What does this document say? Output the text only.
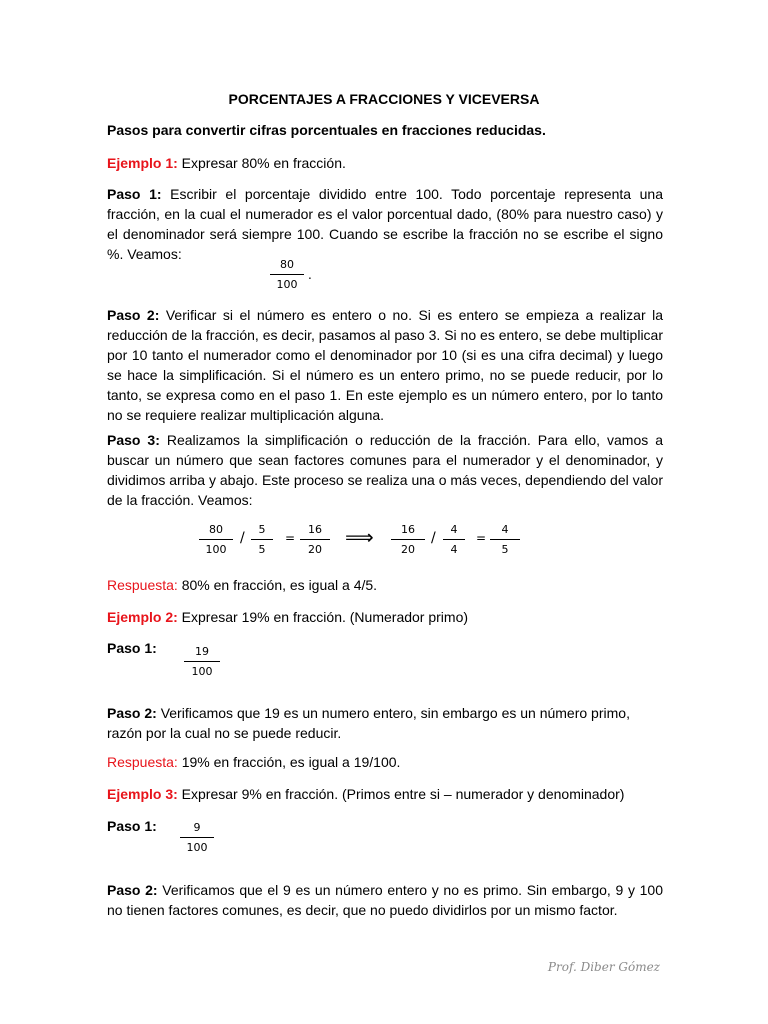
PORCENTAJES A FRACCIONES Y VICEVERSA
Pasos para convertir cifras porcentuales en fracciones reducidas.
Ejemplo 1: Expresar 80% en fracción.
Paso 1: Escribir el porcentaje dividido entre 100. Todo porcentaje representa una fracción, en la cual el numerador es el valor porcentual dado, (80% para nuestro caso) y el denominador será siempre 100. Cuando se escribe la fracción no se escribe el signo %. Veamos:
$\frac{80}{100}$ .
Paso 2: Verificar si el número es entero o no. Si es entero se empieza a realizar la reducción de la fracción, es decir, pasamos al paso 3. Si no es entero, se debe multiplicar por 10 tanto el numerador como el denominador por 10 (si es una cifra decimal) y luego se hace la simplificación. Si el número es un entero primo, no se puede reducir, por lo tanto, se expresa como en el paso 1. En este ejemplo es un número entero, por lo tanto no se requiere realizar multiplicación alguna.
Paso 3: Realizamos la simplificación o reducción de la fracción. Para ello, vamos a buscar un número que sean factores comunes para el numerador y el denominador, y dividimos arriba y abajo. Este proceso se realiza una o más veces, dependiendo del valor de la fracción. Veamos:
$\frac{80}{100} / \frac{5}{5} = \frac{16}{20}$ ⟹ $\frac{16}{20} / \frac{4}{4} = \frac{4}{5}$
Respuesta: 80% en fracción, es igual a 4/5.
Ejemplo 2: Expresar 19% en fracción. (Numerador primo)
Paso 1: $\frac{19}{100}$
Paso 2: Verificamos que 19 es un numero entero, sin embargo es un número primo, razón por la cual no se puede reducir.
Respuesta: 19% en fracción, es igual a 19/100.
Ejemplo 3: Expresar 9% en fracción. (Primos entre si – numerador y denominador)
Paso 1: $\frac{9}{100}$
Paso 2: Verificamos que el 9 es un número entero y no es primo. Sin embargo, 9 y 100 no tienen factores comunes, es decir, que no puedo dividirlos por un mismo factor.
Prof. Diber Gómez
